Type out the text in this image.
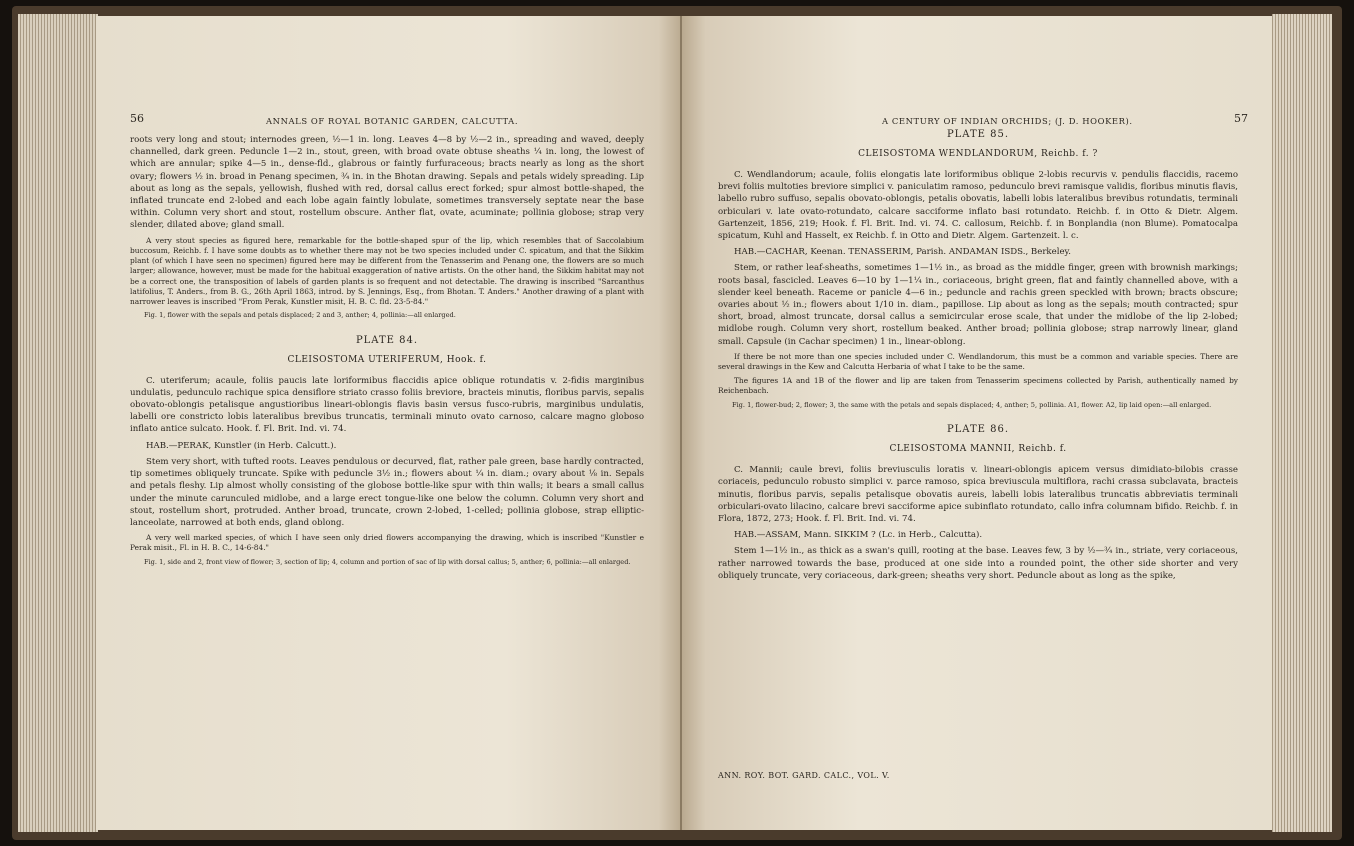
56	ANNALS OF ROYAL BOTANIC GARDEN, CALCUTTA.

roots very long and stout; internodes green, ½—1 in. long. Leaves 4—8 by ½—2 in., spreading and waved, deeply channelled, dark green. Peduncle 1—2 in., stout, green, with broad ovate obtuse sheaths ¼ in. long, the lowest of which are annular; spike 4—5 in., dense-fld., glabrous or faintly furfuraceous; bracts nearly as long as the short ovary; flowers ½ in. broad in Penang specimen, ¾ in. in the Bhotan drawing. Sepals and petals widely spreading. Lip about as long as the sepals, yellowish, flushed with red, dorsal callus erect forked; spur almost bottle-shaped, the inflated truncate end 2-lobed and each lobe again faintly lobulate, sometimes transversely septate near the base within. Column very short and stout, rostellum obscure. Anther flat, ovate, acuminate; pollinia globose; strap very slender, dilated above; gland small.

A very stout species as figured here, remarkable for the bottle-shaped spur of the lip, which resembles that of Saccolabium buccosum, Reichb. f. I have some doubts as to whether there may not be two species included under C. spicatum, and that the Sikkim plant (of which I have seen no specimen) figured here may be different from the Tenasserim and Penang one, the flowers are so much larger; allowance, however, must be made for the habitual exaggeration of native artists. On the other hand, the Sikkim habitat may not be a correct one, the transposition of labels of garden plants is so frequent and not detectable. The drawing is inscribed "Sarcanthus latifolius, T. Anders., from B. G., 26th April 1863, introd. by S. Jennings, Esq., from Bhotan. T. Anders." Another drawing of a plant with narrower leaves is inscribed "From Perak, Kunstler misit, H. B. C. fld. 23-5-84."

Fig. 1, flower with the sepals and petals displaced; 2 and 3, anther; 4, pollinia:—all enlarged.

PLATE 84.
CLEISOSTOMA UTERIFERUM, Hook. f.

C. uteriferum; acaule, foliis paucis late loriformibus flaccidis apice oblique rotundatis v. 2-fidis marginibus undulatis, pedunculo rachique spica densiflore striato crasso foliis breviore, bracteis minutis, floribus parvis, sepalis obovato-oblongis petalisque angustioribus lineari-oblongis flavis basin versus fusco-rubris, marginibus undulatis, labelli ore constricto lobis lateralibus brevibus truncatis, terminali minuto ovato carnoso, calcare magno globoso inflato antice sulcato. Hook. f. Fl. Brit. Ind. vi. 74.

HAB.—PERAK, Kunstler (in Herb. Calcutt.).

Stem very short, with tufted roots. Leaves pendulous or decurved, flat, rather pale green, base hardly contracted, tip sometimes obliquely truncate. Spike with peduncle 3½ in.; flowers about ¼ in. diam.; ovary about ⅛ in. Sepals and petals fleshy. Lip almost wholly consisting of the globose bottle-like spur with thin walls; it bears a small callus under the minute carunculed midlobe, and a large erect tongue-like one below the column. Column very short and stout, rostellum short, protruded. Anther broad, truncate, crown 2-lobed, 1-celled; pollinia globose, strap elliptic-lanceolate, narrowed at both ends, gland oblong.

A very well marked species, of which I have seen only dried flowers accompanying the drawing, which is inscribed "Kunstler e Perak misit., Fl. in H. B. C., 14-6-84."

Fig. 1, side and 2, front view of flower; 3, section of lip; 4, column and portion of sac of lip with dorsal callus; 5, anther; 6, pollinia:—all enlarged.

A CENTURY OF INDIAN ORCHIDS; (J. D. HOOKER).	57
PLATE 85.
CLEISOSTOMA WENDLANDORUM, Reichb. f. ?

C. Wendlandorum; acaule, foliis elongatis late loriformibus oblique 2-lobis recurvis v. pendulis flaccidis, racemo brevi foliis multoties breviore simplici v. paniculatim ramoso, pedunculo brevi ramisque validis, floribus minutis flavis, labello rubro suffuso, sepalis obovato-oblongis, petalis obovatis, labelli lobis lateralibus brevibus rotundatis, terminali orbiculari v. late ovato-rotundato, calcare sacciforme inflato basi rotundato. Reichb. f. in Otto & Dietr. Algem. Gartenzeit, 1856, 219; Hook. f. Fl. Brit. Ind. vi. 74. C. callosum, Reichb. f. in Bonplandia (non Blume). Pomatocalpa spicatum, Kuhl and Hasselt, ex Reichb. f. in Otto and Dietr. Algem. Gartenzeit. l. c.

HAB.—CACHAR, Keenan. TENASSERIM, Parish. ANDAMAN ISDS., Berkeley.

Stem, or rather leaf-sheaths, sometimes 1—1½ in., as broad as the middle finger, green with brownish markings; roots basal, fascicled. Leaves 6—10 by 1—1¼ in., coriaceous, bright green, flat and faintly channelled above, with a slender keel beneath. Raceme or panicle 4—6 in.; peduncle and rachis green speckled with brown; bracts obscure; ovaries about ½ in.; flowers about 1/10 in. diam., papillose. Lip about as long as the sepals; mouth contracted; spur short, broad, almost truncate, dorsal callus a semicircular erose scale, that under the midlobe of the lip 2-lobed; midlobe rough. Column very short, rostellum beaked. Anther broad; pollinia globose; strap narrowly linear, gland small. Capsule (in Cachar specimen) 1 in., linear-oblong.

If there be not more than one species included under C. Wendlandorum, this must be a common and variable species. There are several drawings in the Kew and Calcutta Herbaria of what I take to be the same.

The figures 1A and 1B of the flower and lip are taken from Tenasserim specimens collected by Parish, authentically named by Reichenbach.

Fig. 1, flower-bud; 2, flower; 3, the same with the petals and sepals displaced; 4, anther; 5, pollinia. A1, flower. A2, lip laid open:—all enlarged.

PLATE 86.
CLEISOSTOMA MANNII, Reichb. f.

C. Mannii; caule brevi, foliis breviusculis loratis v. lineari-oblongis apicem versus dimidiato-bilobis crasse coriaceis, pedunculo robusto simplici v. parce ramoso, spica breviuscula multiflora, rachi crassa subclavata, bracteis minutis, floribus parvis, sepalis petalisque obovatis aureis, labelli lobis lateralibus truncatis abbreviatis terminali orbiculari-ovato lilacino, calcare brevi sacciforme apice subinflato rotundato, callo infra columnam bifido. Reichb. f. in Flora, 1872, 273; Hook. f. Fl. Brit. Ind. vi. 74.

HAB.—ASSAM, Mann. SIKKIM ? (Lc. in Herb., Calcutta).

Stem 1—1½ in., as thick as a swan's quill, rooting at the base. Leaves few, 3 by ½—¾ in., striate, very coriaceous, rather narrowed towards the base, produced at one side into a rounded point, the other side shorter and very obliquely truncate, very coriaceous, dark-green; sheaths very short. Peduncle about as long as the spike,

ANN. ROY. BOT. GARD. CALC., VOL. V.
